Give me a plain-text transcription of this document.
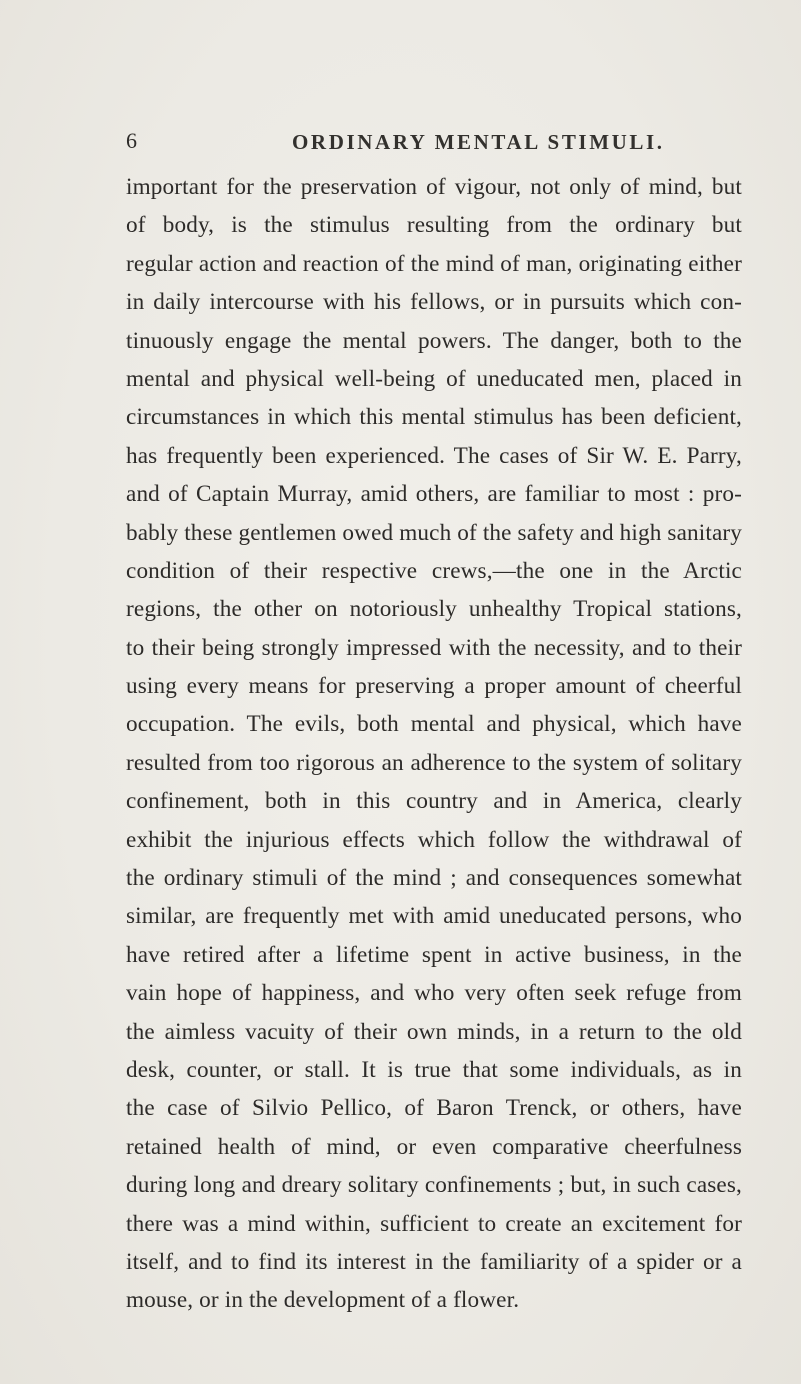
6	ORDINARY MENTAL STIMULI.
important for the preservation of vigour, not only of mind, but
of body, is the stimulus resulting from the ordinary but
regular action and reaction of the mind of man, originating either
in daily intercourse with his fellows, or in pursuits which con-
tinuously engage the mental powers. The danger, both to the
mental and physical well-being of uneducated men, placed in
circumstances in which this mental stimulus has been deficient,
has frequently been experienced. The cases of Sir W. E. Parry,
and of Captain Murray, amid others, are familiar to most : pro-
bably these gentlemen owed much of the safety and high sanitary
condition of their respective crews,—the one in the Arctic
regions, the other on notoriously unhealthy Tropical stations,
to their being strongly impressed with the necessity, and to their
using every means for preserving a proper amount of cheerful
occupation. The evils, both mental and physical, which have
resulted from too rigorous an adherence to the system of solitary
confinement, both in this country and in America, clearly
exhibit the injurious effects which follow the withdrawal of
the ordinary stimuli of the mind ; and consequences somewhat
similar, are frequently met with amid uneducated persons, who
have retired after a lifetime spent in active business, in the
vain hope of happiness, and who very often seek refuge from
the aimless vacuity of their own minds, in a return to the old
desk, counter, or stall. It is true that some individuals, as in
the case of Silvio Pellico, of Baron Trenck, or others, have
retained health of mind, or even comparative cheerfulness
during long and dreary solitary confinements ; but, in such cases,
there was a mind within, sufficient to create an excitement for
itself, and to find its interest in the familiarity of a spider or a
mouse, or in the development of a flower.
